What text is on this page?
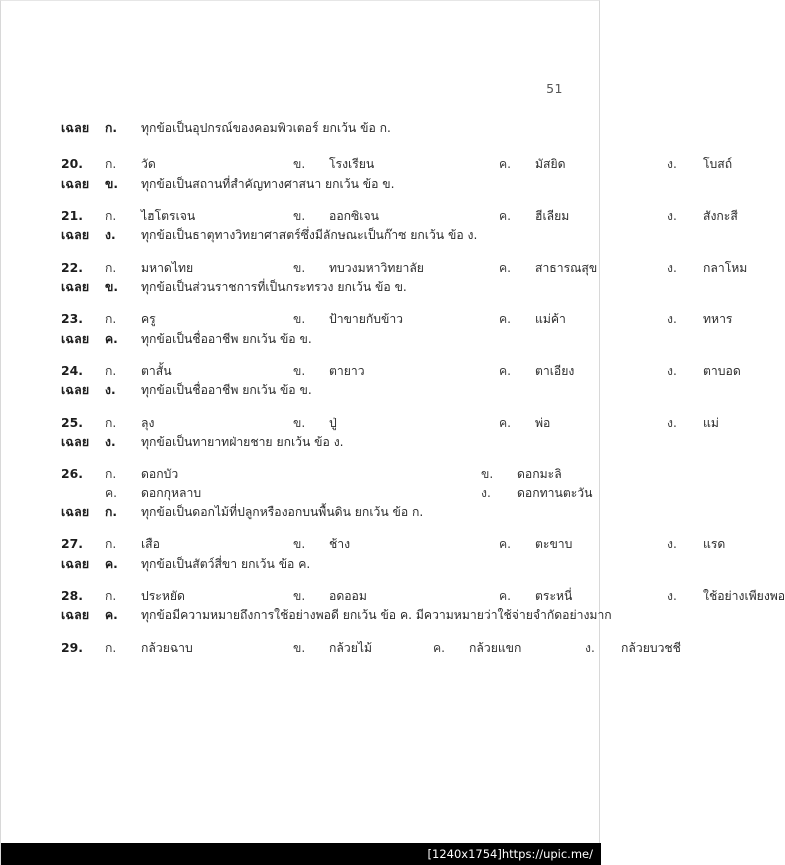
51
เฉลย	ก.	ทุกข้อเป็นอุปกรณ์ของคอมพิวเตอร์ ยกเว้น ข้อ ก.
20.	ก.	วัด	ข.	โรงเรียน	ค.	มัสยิด	ง.	โบสถ์
เฉลย	ข.	ทุกข้อเป็นสถานที่สำคัญทางศาสนา ยกเว้น ข้อ ข.
21.	ก.	ไฮโตรเจน	ข.	ออกซิเจน	ค.	ฮีเลียม	ง.	สังกะสี
เฉลย	ง.	ทุกข้อเป็นธาตุทางวิทยาศาสตร์ซึ่งมีลักษณะเป็นก๊าซ ยกเว้น ข้อ ง.
22.	ก.	มหาดไทย	ข.	ทบวงมหาวิทยาลัย	ค.	สาธารณสุข	ง.	กลาโหม
เฉลย	ข.	ทุกข้อเป็นส่วนราชการที่เป็นกระทรวง ยกเว้น ข้อ ข.
23.	ก.	ครู	ข.	ป้าขายกับข้าว	ค.	แม่ค้า	ง.	ทหาร
เฉลย	ค.	ทุกข้อเป็นชื่ออาชีพ ยกเว้น ข้อ ข.
24.	ก.	ตาสั้น	ข.	ตายาว	ค.	ตาเอียง	ง.	ตาบอด
เฉลย	ง.	ทุกข้อเป็นชื่ออาชีพ ยกเว้น ข้อ ข.
25.	ก.	ลุง	ข.	ปู่	ค.	พ่อ	ง.	แม่
เฉลย	ง.	ทุกข้อเป็นทายาทฝ่ายชาย ยกเว้น ข้อ ง.
26.	ก.	ดอกบัว	ข.	ดอกมะลิ
ค.	ดอกกุหลาบ	ง.	ดอกทานตะวัน
เฉลย	ก.	ทุกข้อเป็นดอกไม้ที่ปลูกหรืองอกบนพื้นดิน ยกเว้น ข้อ ก.
27.	ก.	เสือ	ข.	ช้าง	ค.	ตะขาบ	ง.	แรด
เฉลย	ค.	ทุกข้อเป็นสัตว์สี่ขา ยกเว้น ข้อ ค.
28.	ก.	ประหยัด	ข.	อดออม	ค.	ตระหนี่	ง.	ใช้อย่างเพียงพอ
เฉลย	ค.	ทุกข้อมีความหมายถึงการใช้อย่างพอดี ยกเว้น ข้อ ค. มีความหมายว่าใช้จ่ายจำกัดอย่างมาก
29.	ก.	กล้วยฉาบ	ข.	กล้วยไม้	ค.	กล้วยแขก	ง.	กล้วยบวชชี
[1240x1754]https://upic.me/
